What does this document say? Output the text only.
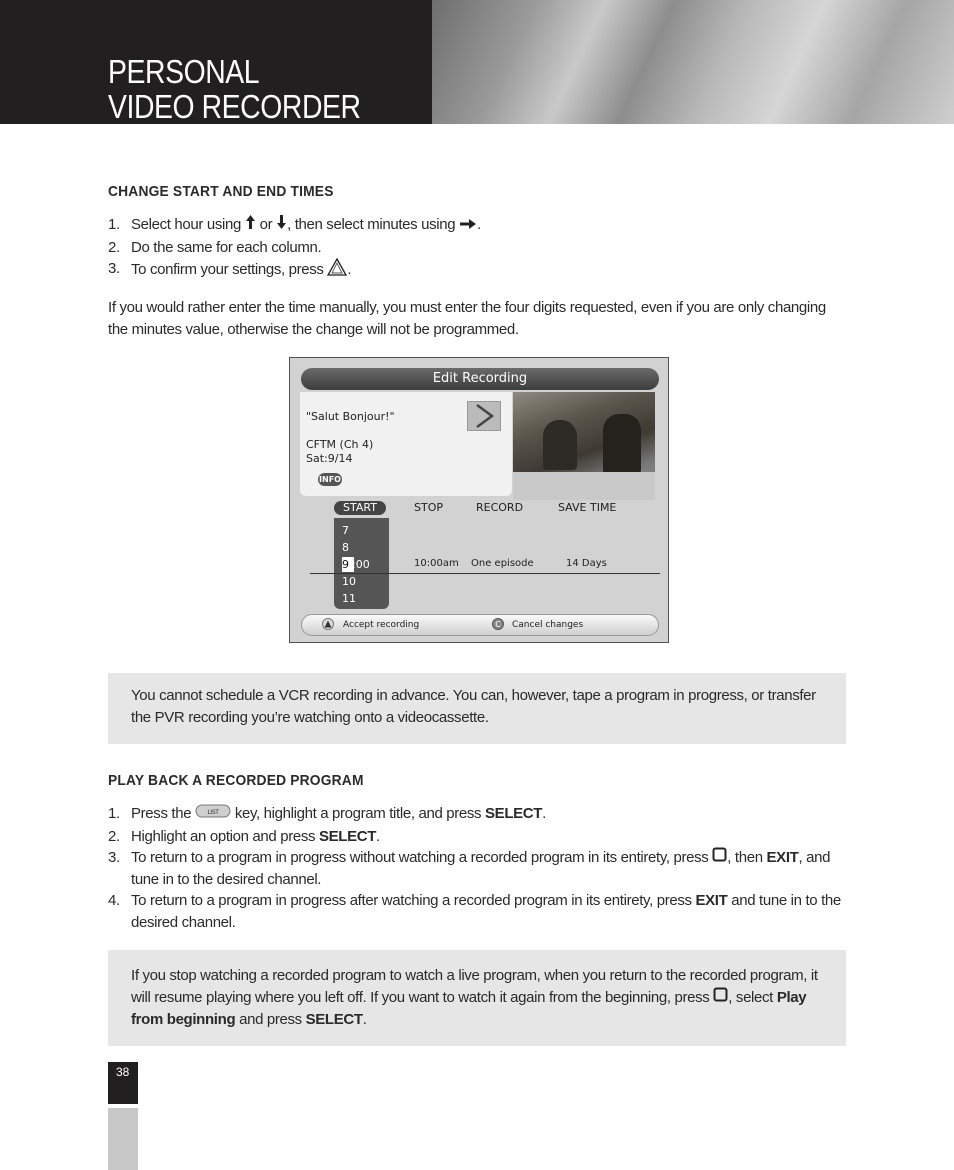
PERSONAL
VIDEO RECORDER
CHANGE START AND END TIMES
1. Select hour using  or , then select minutes using .
2. Do the same for each column.
3. To confirm your settings, press .
If you would rather enter the time manually, you must enter the four digits requested, even if you are only changing the minutes value, otherwise the change will not be programmed.
Edit Recording
"Salut Bonjour!"
CFTM (Ch 4)
Sat:9/14
INFO
START	STOP	RECORD	SAVE TIME
7
8
9 :00
10
11
10:00am One episode	14 Days
Accept recording	C Cancel changes
You cannot schedule a VCR recording in advance. You can, however, tape a program in progress, or transfer the PVR recording you’re watching onto a videocassette.
PLAY BACK A RECORDED PROGRAM
1. Press the LIST key, highlight a program title, and press SELECT.
2. Highlight an option and press SELECT.
3. To return to a program in progress without watching a recorded program in its entirety, press , then EXIT, and tune in to the desired channel.
4. To return to a program in progress after watching a recorded program in its entirety, press EXIT and tune in to the desired channel.
If you stop watching a recorded program to watch a live program, when you return to the recorded program, it will resume playing where you left off. If you want to watch it again from the beginning, press , select Play from beginning and press SELECT.
38
